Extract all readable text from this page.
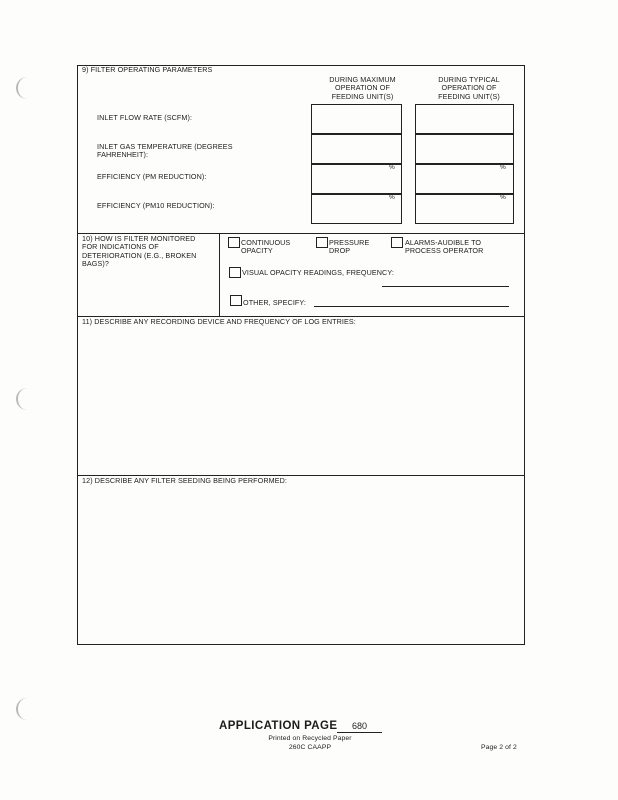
9) FILTER OPERATING PARAMETERS
DURING MAXIMUM OPERATION OF FEEDING UNIT(S)
DURING TYPICAL OPERATION OF FEEDING UNIT(S)
INLET FLOW RATE (SCFM):
INLET GAS TEMPERATURE (DEGREES FAHRENHEIT):
EFFICIENCY (PM REDUCTION):
EFFICIENCY (PM10 REDUCTION):
%
%
%
%
10) HOW IS FILTER MONITORED FOR INDICATIONS OF DETERIORATION (E.G., BROKEN BAGS)?
CONTINUOUS OPACITY
PRESSURE DROP
ALARMS-AUDIBLE TO PROCESS OPERATOR
VISUAL OPACITY READINGS, FREQUENCY:
OTHER, SPECIFY:
11) DESCRIBE ANY RECORDING DEVICE AND FREQUENCY OF LOG ENTRIES:
12) DESCRIBE ANY FILTER SEEDING BEING PERFORMED:
APPLICATION PAGE 680
Printed on Recycled Paper
260C CAAPP	Page 2 of 2
